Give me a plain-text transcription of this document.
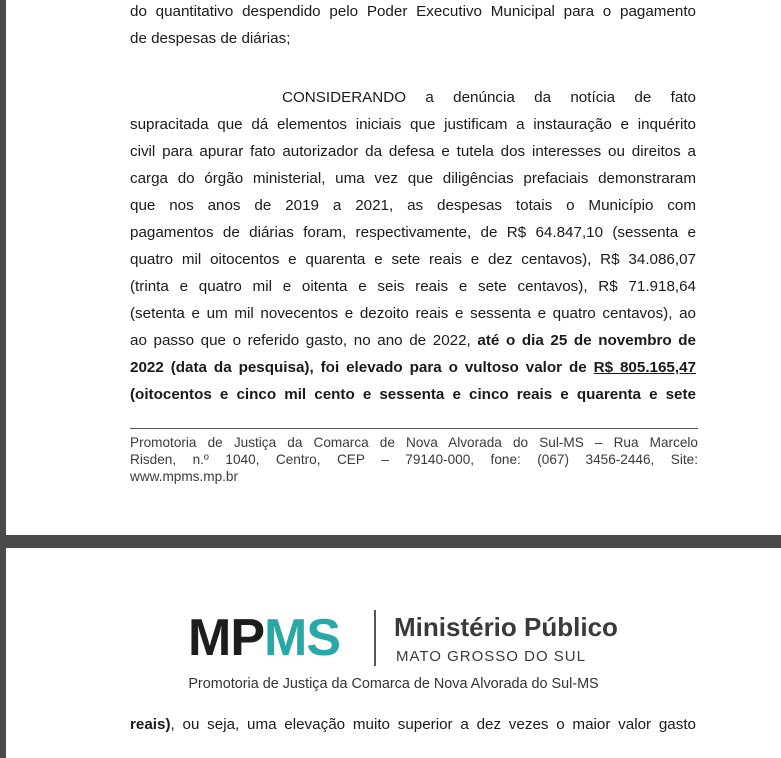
do quantitativo despendido pelo Poder Executivo Municipal para o pagamento
de despesas de diárias;
CONSIDERANDO a denúncia da notícia de fato
supracitada que dá elementos iniciais que justificam a instauração e inquérito
civil para apurar fato autorizador da defesa e tutela dos interesses ou direitos a
carga do órgão ministerial, uma vez que diligências prefaciais demonstraram
que nos anos de 2019 a 2021, as despesas totais o Município com
pagamentos de diárias foram, respectivamente, de R$ 64.847,10 (sessenta e
quatro mil oitocentos e quarenta e sete reais e dez centavos), R$ 34.086,07
(trinta e quatro mil e oitenta e seis reais e sete centavos), R$ 71.918,64
(setenta e um mil novecentos e dezoito reais e sessenta e quatro centavos), ao
ao passo que o referido gasto, no ano de 2022, até o dia 25 de novembro de
2022 (data da pesquisa), foi elevado para o vultoso valor de R$ 805.165,47
(oitocentos e cinco mil cento e sessenta e cinco reais e quarenta e sete
Promotoria de Justiça da Comarca de Nova Alvorada do Sul-MS – Rua Marcelo
Risden, n.º 1040, Centro, CEP – 79140-000, fone: (067) 3456-2446, Site:
www.mpms.mp.br
MPMS Ministério Público
MATO GROSSO DO SUL
Promotoria de Justiça da Comarca de Nova Alvorada do Sul-MS
reais), ou seja, uma elevação muito superior a dez vezes o maior valor gasto
